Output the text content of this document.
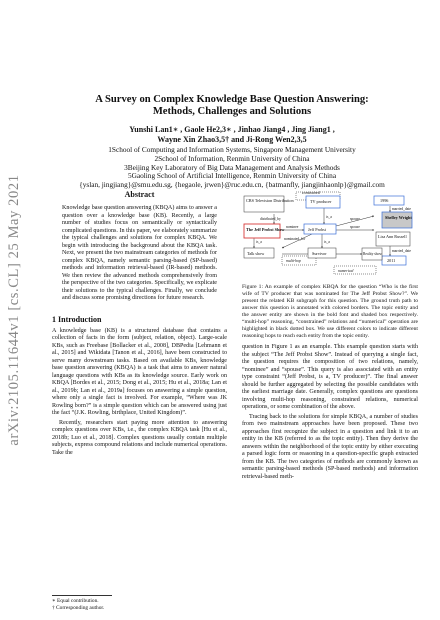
arXiv:2105.11644v1 [cs.CL] 25 May 2021
A Survey on Complex Knowledge Base Question Answering:
Methods, Challenges and Solutions
Yunshi Lan1∗ , Gaole He2,3∗ , Jinhao Jiang4 , Jing Jiang1 ,
Wayne Xin Zhao3,5† and Ji-Rong Wen2,3,5
1School of Computing and Information Systems, Singapore Management University
2School of Information, Renmin University of China
3Beijing Key Laboratory of Big Data Management and Analysis Methods
5Gaoling School of Artificial Intelligence, Renmin University of China
{yslan, jingjiang}@smu.edu.sg, {hegaole, jrwen}@ruc.edu.cn, {batmanfly, jiangjinhaonlp}@gmail.com
Abstract
Knowledge base question answering (KBQA) aims to answer a question over a knowledge base (KB). Recently, a large number of studies focus on semantically or syntactically complicated questions. In this paper, we elaborately summarize the typical challenges and solutions for complex KBQA. We begin with introducing the background about the KBQA task. Next, we present the two mainstream categories of methods for complex KBQA, namely semantic parsing-based (SP-based) methods and information retrieval-based (IR-based) methods. We then review the advanced methods comprehensively from the perspective of the two categories. Specifically, we explicate their solutions to the typical challenges. Finally, we conclude and discuss some promising directions for future research.
1 Introduction

A knowledge base (KB) is a structured database that contains a collection of facts in the form (subject, relation, object). Large-scale KBs, such as Freebase [Bollacker et al., 2008], DBPedia [Lehmann et al., 2015] and Wikidata [Tanon et al., 2016], have been constructed to serve many downstream tasks. Based on available KBs, knowledge base question answering (KBQA) is a task that aims to answer natural language questions with KBs as its knowledge source. Early work on KBQA [Bordes et al., 2015; Dong et al., 2015; Hu et al., 2018a; Lan et al., 2019b; Lan et al., 2019a] focuses on answering a simple question, where only a single fact is involved. For example, “Where was JK Rowling born?” is a simple question which can be answered using just the fact “(J.K. Rowling, birthplace, United Kingdom)”.

Recently, researchers start paying more attention to answering complex questions over KBs, i.e., the complex KBQA task [Hu et al., 2018b; Luo et al., 2018]. Complex questions usually contain multiple subjects, express compound relations and include numerical operations. Take the

∗ Equal contribution.
† Corresponding author.
CBS Television Distribution	TV producer	1996
Shelley Wright
The Jeff Probst Show	Jeff Probst
Lisa Ann Russell
2011
Talk show	Survivor	Reality show
constrained
distributed_by	is_a
nominee	spouse
spouse
married_date
married_date
is_a	is_a
multi-hop
numerical
nominated_for
Figure 1: An example of complex KBQA for the question “Who is the first wife of TV producer that was nominated for The Jeff Probst Show?”. We present the related KB subgraph for this question. The ground truth path to answer this question is annotated with colored borders. The topic entity and the answer entity are shown in the bold font and shaded box respectively. “multi-hop” reasoning, “constrained” relations and “numerical” operation are highlighted in black dotted box. We use different colors to indicate different reasoning hops to reach each entity from the topic entity.

question in Figure 1 as an example. This example question starts with the subject “The Jeff Probst Show”. Instead of querying a single fact, the question requires the composition of two relations, namely, “nominee” and “spouse”. This query is also associated with an entity type constraint “(Jeff Probst, is a, TV producer)”. The final answer should be further aggregated by selecting the possible candidates with the earliest marriage date. Generally, complex questions are questions involving multi-hop reasoning, constrained relations, numerical operations, or some combination of the above.

Tracing back to the solutions for simple KBQA, a number of studies from two mainstream approaches have been proposed. These two approaches first recognize the subject in a question and link it to an entity in the KB (referred to as the topic entity). Then they derive the answers within the neighborhood of the topic entity by either executing a parsed logic form or reasoning in a question-specific graph extracted from the KB. The two categories of methods are commonly known as semantic parsing-based methods (SP-based methods) and information retrieval-based meth-
